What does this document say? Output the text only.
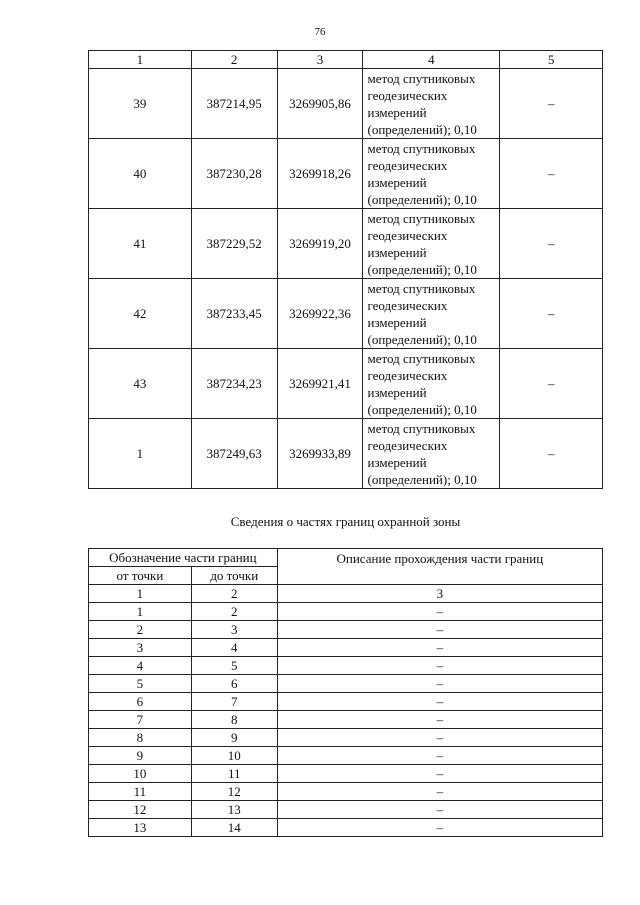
76
1	2	3	4	5
39	387214,95	3269905,86	метод спутниковых
геодезических
измерений
(определений); 0,10	–
40	387230,28	3269918,26	метод спутниковых
геодезических
измерений
(определений); 0,10	–
41	387229,52	3269919,20	метод спутниковых
геодезических
измерений
(определений); 0,10	–
42	387233,45	3269922,36	метод спутниковых
геодезических
измерений
(определений); 0,10	–
43	387234,23	3269921,41	метод спутниковых
геодезических
измерений
(определений); 0,10	–
1	387249,63	3269933,89	метод спутниковых
геодезических
измерений
(определений); 0,10	–
Сведения о частях границ охранной зоны
Обозначение части границ		Описание прохождения части границ
от точки	до точки	
1	2	3
1	2	–
2	3	–
3	4	–
4	5	–
5	6	–
6	7	–
7	8	–
8	9	–
9	10	–
10	11	–
11	12	–
12	13	–
13	14	–
